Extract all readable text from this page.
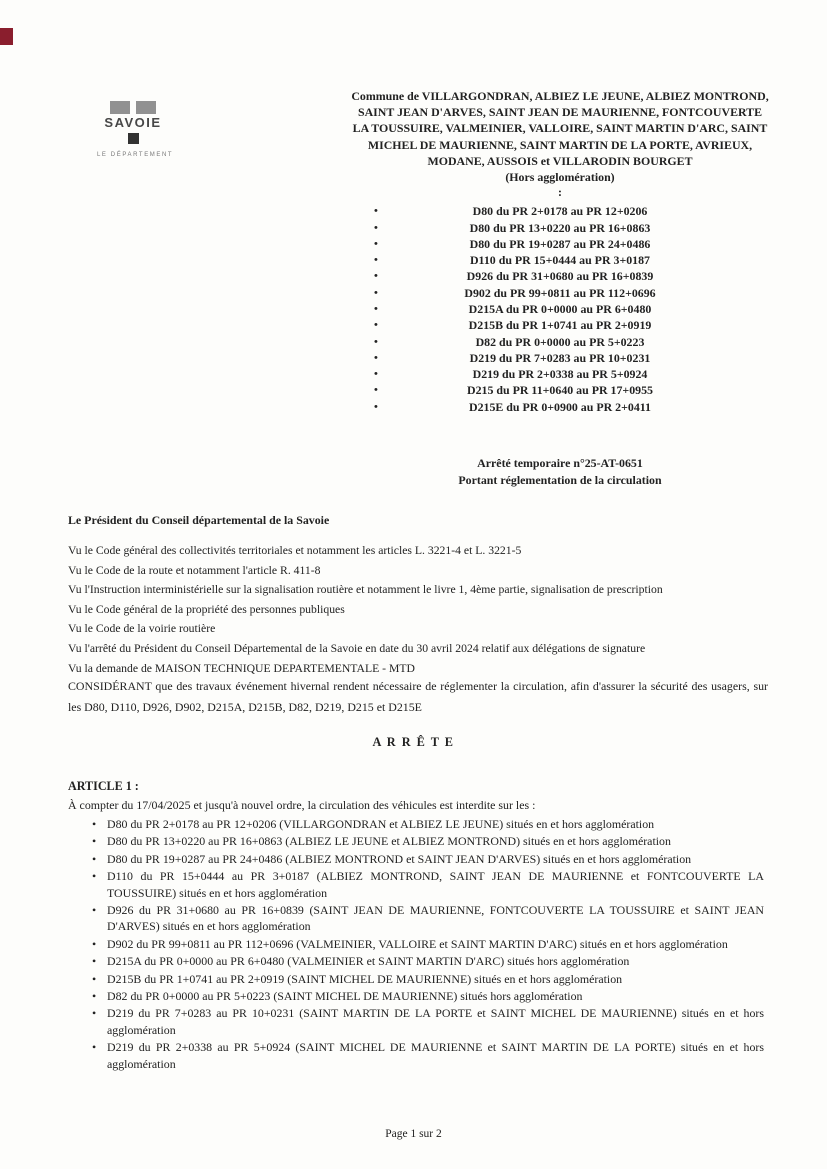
SAVOIE
LE DÉPARTEMENT

Commune de VILLARGONDRAN, ALBIEZ LE JEUNE, ALBIEZ MONTROND, SAINT JEAN D'ARVES, SAINT JEAN DE MAURIENNE, FONTCOUVERTE LA TOUSSUIRE, VALMEINIER, VALLOIRE, SAINT MARTIN D'ARC, SAINT MICHEL DE MAURIENNE, SAINT MARTIN DE LA PORTE, AVRIEUX, MODANE, AUSSOIS et VILLARODIN BOURGET

(Hors agglomération)

:

• D80 du PR 2+0178 au PR 12+0206
• D80 du PR 13+0220 au PR 16+0863
• D80 du PR 19+0287 au PR 24+0486
• D110 du PR 15+0444 au PR 3+0187
• D926 du PR 31+0680 au PR 16+0839
• D902 du PR 99+0811 au PR 112+0696
• D215A du PR 0+0000 au PR 6+0480
• D215B du PR 1+0741 au PR 2+0919
• D82 du PR 0+0000 au PR 5+0223
• D219 du PR 7+0283 au PR 10+0231
• D219 du PR 2+0338 au PR 5+0924
• D215 du PR 11+0640 au PR 17+0955
• D215E du PR 0+0900 au PR 2+0411

Arrêté temporaire n°25-AT-0651

Portant réglementation de la circulation

Le Président du Conseil départemental de la Savoie

Vu le Code général des collectivités territoriales et notamment les articles L. 3221-4 et L. 3221-5

Vu le Code de la route et notamment l'article R. 411-8

Vu l'Instruction interministérielle sur la signalisation routière et notamment le livre 1, 4ème partie, signalisation de prescription

Vu le Code général de la propriété des personnes publiques

Vu le Code de la voirie routière

Vu l'arrêté du Président du Conseil Départemental de la Savoie en date du 30 avril 2024 relatif aux délégations de signature

Vu la demande de MAISON TECHNIQUE DEPARTEMENTALE - MTD

CONSIDÉRANT que des travaux événement hivernal rendent nécessaire de réglementer la circulation, afin d'assurer la sécurité des usagers, sur les D80, D110, D926, D902, D215A, D215B, D82, D219, D215 et D215E

A R R Ê T E

ARTICLE 1 :

À compter du 17/04/2025 et jusqu'à nouvel ordre, la circulation des véhicules est interdite sur les :

• D80 du PR 2+0178 au PR 12+0206 (VILLARGONDRAN et ALBIEZ LE JEUNE) situés en et hors agglomération
• D80 du PR 13+0220 au PR 16+0863 (ALBIEZ LE JEUNE et ALBIEZ MONTROND) situés en et hors agglomération
• D80 du PR 19+0287 au PR 24+0486 (ALBIEZ MONTROND et SAINT JEAN D'ARVES) situés en et hors agglomération
• D110 du PR 15+0444 au PR 3+0187 (ALBIEZ MONTROND, SAINT JEAN DE MAURIENNE et FONTCOUVERTE LA TOUSSUIRE) situés en et hors agglomération
• D926 du PR 31+0680 au PR 16+0839 (SAINT JEAN DE MAURIENNE, FONTCOUVERTE LA TOUSSUIRE et SAINT JEAN D'ARVES) situés en et hors agglomération
• D902 du PR 99+0811 au PR 112+0696 (VALMEINIER, VALLOIRE et SAINT MARTIN D'ARC) situés en et hors agglomération
• D215A du PR 0+0000 au PR 6+0480 (VALMEINIER et SAINT MARTIN D'ARC) situés hors agglomération
• D215B du PR 1+0741 au PR 2+0919 (SAINT MICHEL DE MAURIENNE) situés en et hors agglomération
• D82 du PR 0+0000 au PR 5+0223 (SAINT MICHEL DE MAURIENNE) situés hors agglomération
• D219 du PR 7+0283 au PR 10+0231 (SAINT MARTIN DE LA PORTE et SAINT MICHEL DE MAURIENNE) situés en et hors agglomération
• D219 du PR 2+0338 au PR 5+0924 (SAINT MICHEL DE MAURIENNE et SAINT MARTIN DE LA PORTE) situés en et hors agglomération

Page 1 sur 2
